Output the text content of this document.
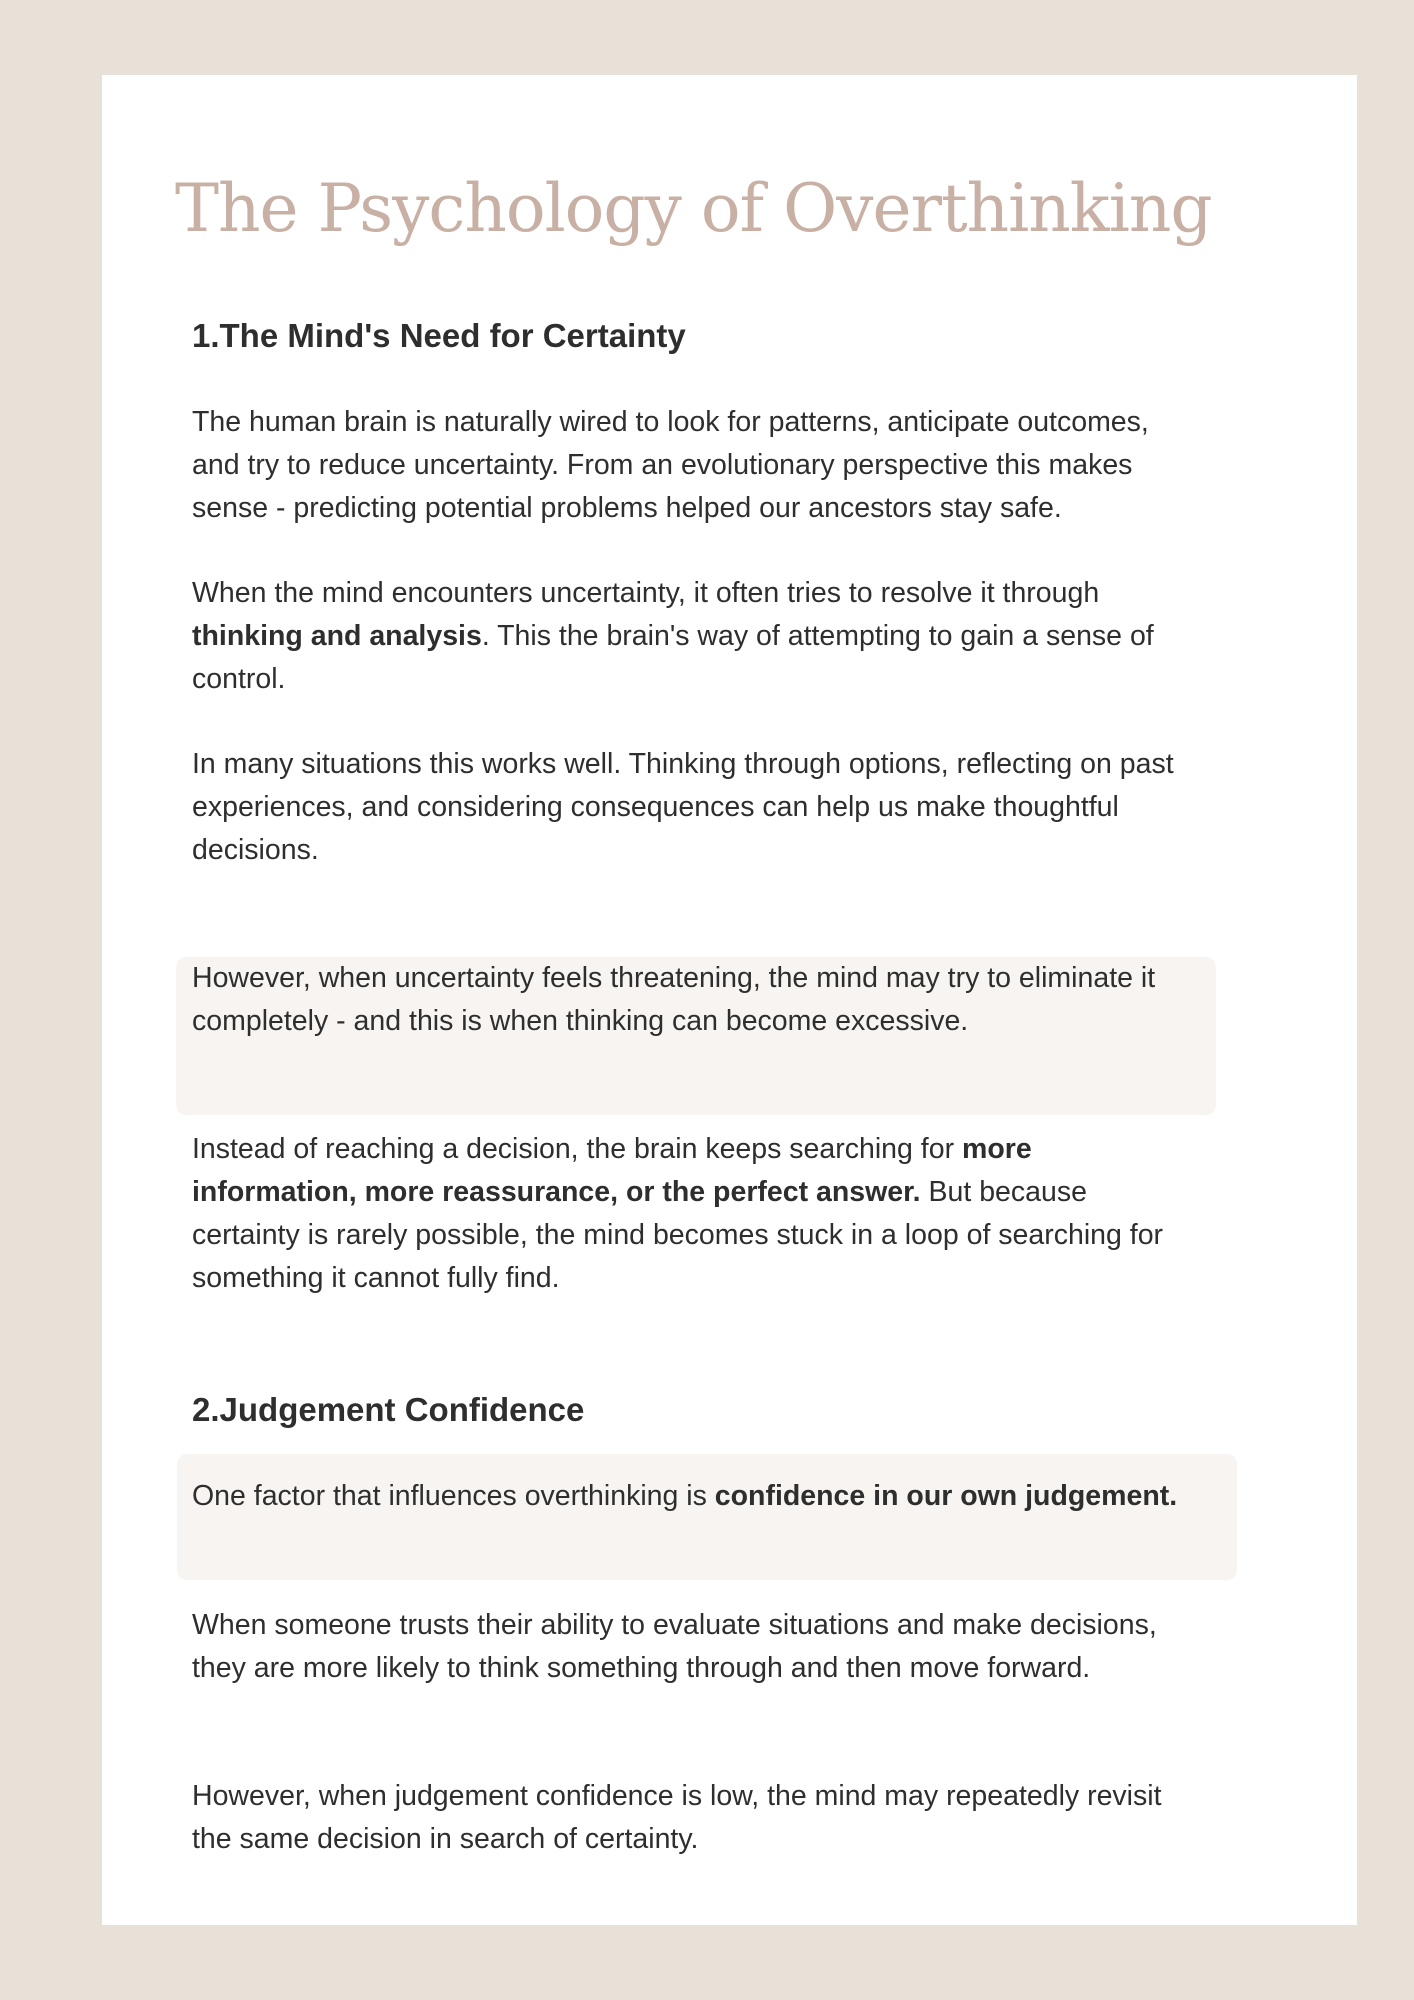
The Psychology of Overthinking
1.The Mind's Need for Certainty

The human brain is naturally wired to look for patterns, anticipate outcomes, and try to reduce uncertainty. From an evolutionary perspective this makes sense - predicting potential problems helped our ancestors stay safe.

When the mind encounters uncertainty, it often tries to resolve it through thinking and analysis. This the brain's way of attempting to gain a sense of control.

In many situations this works well. Thinking through options, reflecting on past experiences, and considering consequences can help us make thoughtful decisions.

However, when uncertainty feels threatening, the mind may try to eliminate it completely - and this is when thinking can become excessive.

Instead of reaching a decision, the brain keeps searching for more information, more reassurance, or the perfect answer. But because certainty is rarely possible, the mind becomes stuck in a loop of searching for something it cannot fully find.

2.Judgement Confidence

One factor that influences overthinking is confidence in our own judgement.

When someone trusts their ability to evaluate situations and make decisions, they are more likely to think something through and then move forward.

However, when judgement confidence is low, the mind may repeatedly revisit the same decision in search of certainty.
